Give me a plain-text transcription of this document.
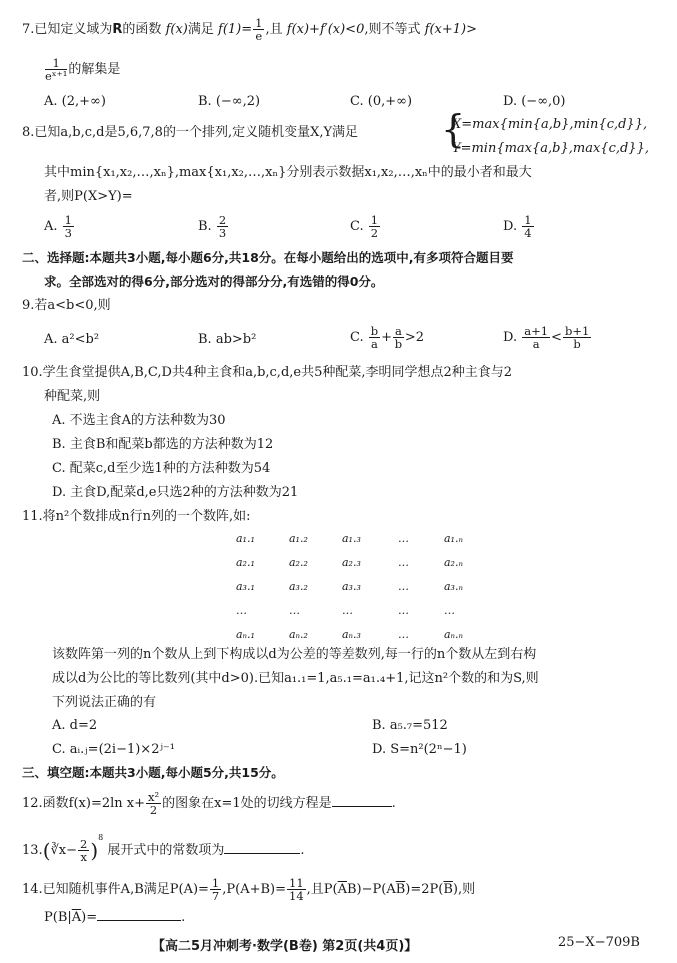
7.已知定义域为R的函数 f(x)满足 $f(1)= \frac{1}{e}$ ,且 f(x)+f′(x)<0,则不等式 f(x+1)>
$\frac{1}{\text{eˣ⁺¹}}$ 的解集是
A. (2,+∞)	B. (−∞,2)	C. (0,+∞)	D. (−∞,0)
8.已知a,b,c,d是5,6,7,8的一个排列,定义随机变量X,Y满足 {
X=max{min{a,b},min{c,d}},
Y=min{max{a,b},max{c,d}},
其中min{x₁,x₂,…,xₙ},max{x₁,x₂,…,xₙ}分别表示数据x₁,x₂,…,xₙ中的最小者和最大
者,则P(X>Y)=
A. $\frac{1}{3}$	B. $\frac{2}{3}$	C. $\frac{1}{2}$	D. $\frac{1}{4}$
二、选择题:本题共3小题,每小题6分,共18分。在每小题给出的选项中,有多项符合题目要
求。全部选对的得6分,部分选对的得部分分,有选错的得0分。
9.若a<b<0,则
A. a²<b²	B. ab>b²	C. $\frac{b}{a} + \frac{a}{b} >2$	D. $\frac{a+1}{a} < \frac{b+1}{b}$
10.学生食堂提供A,B,C,D共4种主食和a,b,c,d,e共5种配菜,李明同学想点2种主食与2
种配菜,则
A. 不选主食A的方法种数为30
B. 主食B和配菜b都选的方法种数为12
C. 配菜c,d至少选1种的方法种数为54
D. 主食D,配菜d,e只选2种的方法种数为21
11.将n²个数排成n行n列的一个数阵,如:
a₁.₁	a₁.₂	a₁.₃	…	a₁.ₙ
a₂.₁	a₂.₂	a₂.₃	…	a₂.ₙ
a₃.₁	a₃.₂	a₃.₃	…	a₃.ₙ
…	…	…	…	…
aₙ.₁	aₙ.₂	aₙ.₃	…	aₙ.ₙ
该数阵第一列的n个数从上到下构成以d为公差的等差数列,每一行的n个数从左到右构
成以d为公比的等比数列(其中d>0).已知a₁.₁=1,a₅.₁=a₁.₄+1,记这n²个数的和为S,则
下列说法正确的有
A. d=2	B. a₅.₇=512
C. aᵢ.ⱼ=(2i−1)×2ʲ⁻¹	D. S=n²(2ⁿ−1)
三、填空题:本题共3小题,每小题5分,共15分。
12.函数f(x)=2ln $x+ \frac{\text{x²}}{2}$ 的图象在x=1处的切线方程是	.
13.(∛x− $\frac{2}{x} )^8$ 展开式中的常数项为	.
14.已知随机事件A,B满足$P(A)= \frac{1}{7} ,P(A+B)= \frac{11}{14}$ ,且$P(\overline{A}B)-P(A\overline{B})=2P(\overline{B})$,则
$P(B|\overline{A})=$	.
【高二5月冲刺考·数学(B卷) 第2页(共4页)】	25−X−709B
